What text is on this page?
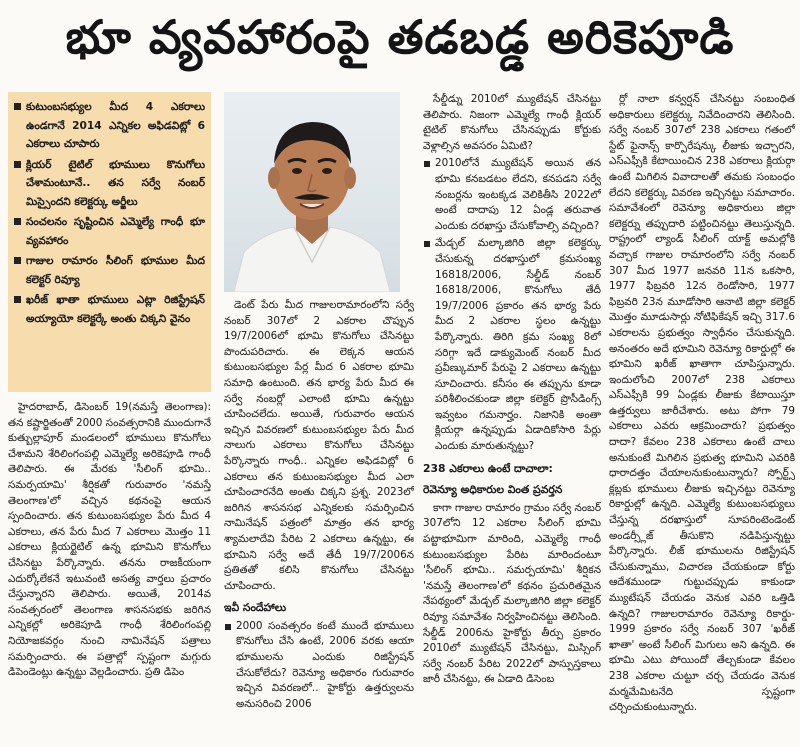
భూ వ్యవహారంపై తడబడ్డ అరికెపూడి
కుటుంబసభ్యుల మీద 4 ఎకరాలు ఉండగానే 2014 ఎన్నికల అఫిడవిట్లో 6 ఎకరాలు చూపారు
క్లియర్ టైటిల్ భూములు కొనుగోలు చేశామంటూనే.. తన సర్వే నంబర్ మిస్సైందని కలెక్టర్కు అర్జీలు
సంచలనం సృష్టించిన ఎమ్మెల్యే గాంధీ భూ వ్యవహారం
గాజుల రామారం సీలింగ్ భూముల మీద కలెక్టర్ రివ్యూ
ఖరీజ్ ఖాతా భూములు ఎట్లా రిజిస్ట్రేషన్ అయ్యాయో కలెక్టర్కే అంతు చిక్కని వైనం

హైదరాబాద్, డిసెంబర్ 19(నమస్తే తెలంగాణ): తన కష్టార్జితంతో 2000 సంవత్సరానికి ముందుగానే కుత్బుల్లాపూర్ మండలంలో భూములు కొనుగోలు చేశామని శేరిలింగంపల్లి ఎమ్మెల్యే అరికెపూడి గాంధీ తెలిపారు. ఈ మేరకు 'సీలింగ్ భూమి.. సమర్పయామి' శీర్షికతో గురువారం 'నమస్తే తెలంగాణ'లో వచ్చిన కథనంపై ఆయన స్పందించారు. తన కుటుంబసభ్యుల పేరు మీద 4 ఎకరాలు, తన పేరు మీద 7 ఎకరాలు మొత్తం 11 ఎకరాలు క్లియర్టైటిల్ ఉన్న భూమిని కొనుగోలు చేసినట్టు పేర్కొన్నారు. తనను రాజకీయంగా ఎదుర్కోలేకనే ఇటువంటి అసత్య వార్తలు ప్రచారం చేస్తున్నారని తెలిపారు. అయితే, 2014వ సంవత్సరంలో తెలంగాణ శాసనసభకు జరిగిన ఎన్నికల్లో అరికెపూడి గాంధీ శేరిలింగంపల్లి నియోజకవర్గం నుంచి నామినేషన్ పత్రాలు సమర్పించారు. ఈ పత్రాల్లో స్పష్టంగా మగ్గురు డిపెండెంట్లు ఉన్నట్టు వెల్లడించారు. ప్రతి డిపెం

డెంట్ పేరు మీద గాజులరామారంలోని సర్వే నంబర్ 307లో 2 ఎకరాల చొప్పున 19/7/2006లో భూమి కొనుగోలు చేసినట్టు పొందుపరిచారు. ఈ లెక్కన ఆయన కుటుంబసభ్యుల పేర్ల మీద 6 ఎకరాల భూమి సమాధి ఉంటుంది. తన భార్య పేరు మీద ఈ సర్వే నంబర్లో ఎలాంటి భూమి ఉన్నట్టు చూపించలేదు. అయితే, గురువారం ఆయన ఇచ్చిన వివరణలో కుటుంబసభ్యుల పేరు మీద నాలుగు ఎకరాలు కొనుగోలు చేసినట్టు పేర్కొన్నారు గాంధీ.. ఎన్నికల అఫిడవిట్లో 6 ఎకరాలు తన కుటుంబసభ్యుల మీద ఎలా చూపించారనేది అంతు చిక్కని ప్రశ్న. 2023లో జరిగిన శాసనసభ ఎన్నికలకు సమర్పించిన నామినేషన్ పత్రంలో మాత్రం తన భార్య శ్యామలాదేవి పేరిట 2 ఎకరాలు ఉన్నట్టు, ఈ భూమిని సర్వే అదే తేదీ 19/7/2006న ప్రతితతో కలిసి కొనుగోలు చేసినట్టు చూపించారు.

ఇవీ సందేహాలు

2000 సంవత్సరం కంటే ముందే భూములు కొనుగోలు చేసి ఉంటే, 2006 వరకు ఆయా భూములను ఎందుకు రిజిస్ట్రేషన్ చేసుకోలేదు? రెవెన్యూ అధికారం గురువారం ఇచ్చిన వివరణలో.. హైకోర్టు ఉత్తర్వులను అనుసరించి 2006

సేల్డీడ్ను 2010లో మ్యుటేషన్ చేసినట్టు తెలిపారు. నిజంగా ఎమ్మెల్యే గాంధీ క్లియర్ టైటిల్ కొనుగోలు చేసినప్పుడు కోర్టుకు వెళ్లాల్సిన అవసరం ఏమిటి?

2010లోనే మ్యుటేషన్ అయిన తన భూమి కనబడటం లేదని, కనపడని సర్వే నంబర్లను ఇంటక్కడ వెలికితీసి 2022లో అంటే దాదాపు 12 ఏండ్ల తరువాత ఎందుకు దరఖాస్తు చేసుకోవాల్సి వచ్చింది?

మేడ్చల్ మల్కాజిగిరి జిల్లా కలెక్టర్కు చేసుకున్న దరఖాస్తులో క్రమసంఖ్య 16818/2006, సేల్డీడ్ నంబర్ 16818/2006, కొనుగోలు తేదీ 19/7/2006 ప్రకారం తన భార్య పేరు మీద 2 ఎకరాల స్థలం ఉన్నట్టు పేర్కొన్నారు. తిరిగి క్రమ సంఖ్య 8లో సరిగ్గా ఇదే డాక్యుమెంట్ నంబర్ మీద ప్రవీణ్కుమార్ పేరుపై 2 ఎకరాలు ఉన్నట్టు సూచించారు. కనీసం ఈ తప్పును కూడా పరిశీలించకుండా జిల్లా కలెక్టర్ ప్రొసీడింగ్స్ ఇవ్వటం గమనార్హం. నిజానికి అంతా క్లియర్గా ఉన్నప్పుడు ఏడాదికోసారి పేర్లు ఎందుకు మారుతున్నట్టు?

238 ఎకరాలు ఉంటే దాచాలా:
రెవెన్యూ అధికారుల వింత ప్రవర్తన

కాగా గాజుల రామారం గ్రామం సర్వే నంబర్ 307లోని 12 ఎకరాల సీలింగ్ భూమి పట్టాభూమిగా మారింది, ఎమ్మెల్యే గాంధీ కుటుంబసభ్యుల పేరిట మారిందంటూ 'సీలింగ్ భూమి.. సమర్పయామి' శీర్షికన 'నమస్తే తెలంగాణ'లో కథనం ప్రచురితమైన నేపథ్యంలో మేడ్చల్ మల్కాజిగిరి జిల్లా కలెక్టర్ రివ్యూ సమావేశం నిర్వహించినట్టు తెలిసింది. సేల్డీడ్ 2006ను హైకోర్టు తీర్పు ప్రకారం 2010లో మ్యుటేషన్ చేసినట్టు, మిస్సింగ్ సర్వే నంబర్ పేరిట 2022లో పాస్పుస్తకాలు జారీ చేసినట్టు, ఈ ఏడాది డిసెంబ

ర్లో నాలా కన్వర్షన్ చేసినట్టు సంబంధిత అధికారులు కలెక్టర్కు నివేదించారని తెలిసింది. సర్వే నంబర్ 307లో 238 ఎకరాలు గతంలో స్టేట్ ఫైనాన్స్ కార్పొరేషన్కు లీజుకు ఇచ్చారని, ఎస్ఎఫ్సీకి కేటాయించిన 238 ఎకరాలు క్లియర్గా ఉంటే మిగిలిన వివాదాలతో తమకు సంబంధం లేదని కలెక్టర్కు వివరణ ఇచ్చినట్టు సమాచారం. సమావేశంలో రెవెన్యూ అధికారులు జిల్లా కలెక్టర్ను తప్పుదారి పట్టించినట్టు తెలుస్తున్నది. రాష్ట్రంలో ల్యాండ్ సీలింగ్ యాక్ట్ అమల్లోకి వచ్చాక గాజుల రామారంలోని సర్వే నంబర్ 307 మీద 1977 జనవరి 11న ఒకసారి, 1977 ఫిబ్రవరి 12న రెండోసారి, 1977 ఫిబ్రవరి 23న మూడోసారి ఆనాటి జిల్లా కలెక్టర్ మొత్తం మూడుసార్లు నోటిఫికేషన్ ఇచ్చి 317.6 ఎకరాలను ప్రభుత్వం స్వాధీనం చేసుకున్నది. అనంతరం అదే భూమిని రెవెన్యూ రికార్డుల్లో ఈ భూమిని ఖరీజ్ ఖాతాగా చూపిస్తున్నారు. ఇందులోంచి 2007లో 238 ఎకరాలు ఎస్ఎఫ్సీకి 99 ఏండ్లకు లీజుకు కేటాయిస్తూ ఉత్తర్వులు జారీచేశారు. అటు పోగా 79 ఎకరాలు ఎవరు ఆక్రమించారు? ప్రభుత్వం దాదా? కేవలం 238 ఎకరాలు ఉంటే చాలు అనుకుంటే మిగిలిన ప్రభుత్వ భూమిని ఎవరికి ధారాదత్తం చేయాలనుకుంటున్నారు? స్పోర్ట్స్ క్లబ్లకు భూములు లీజుకు ఇచ్చినట్టు రెవెన్యూ రికార్డుల్లో ఉన్నది. ఎమ్మెల్యే కుటుంబసభ్యులు చేస్తున్న దరఖాస్తులో సూపరింటెండెంట్ అండర్స్లీజ్ తీసుకొని నడిపిస్తున్నట్టు పేర్కొన్నారు. లీజ్ భూములను రిజిస్ట్రేషన్ చేసుకున్నాము, విచారణ చేయకుండా కోర్టు ఆదేశముండా గుట్టుచప్పుడు కాకుండా మ్యుటేషన్ చేయడం వెనుక ఎవరి ఒత్తిడి ఉన్నది? గాజులరామారం రెవెన్యూ రికార్డు- 1999 ప్రకారం సర్వే నంబర్ 307 'ఖరీజ్ ఖాతా' అంటే సీలింగ్ మిగులు అని ఉన్నది. ఈ భూమి ఎటు పోయిందో తేల్చకుండా కేవలం 238 ఎకరాల చుట్టూ చర్చ చేయడం వెనుక మర్మమేమిటనేది స్పష్టంగా చర్చించుకుంటున్నారు.
